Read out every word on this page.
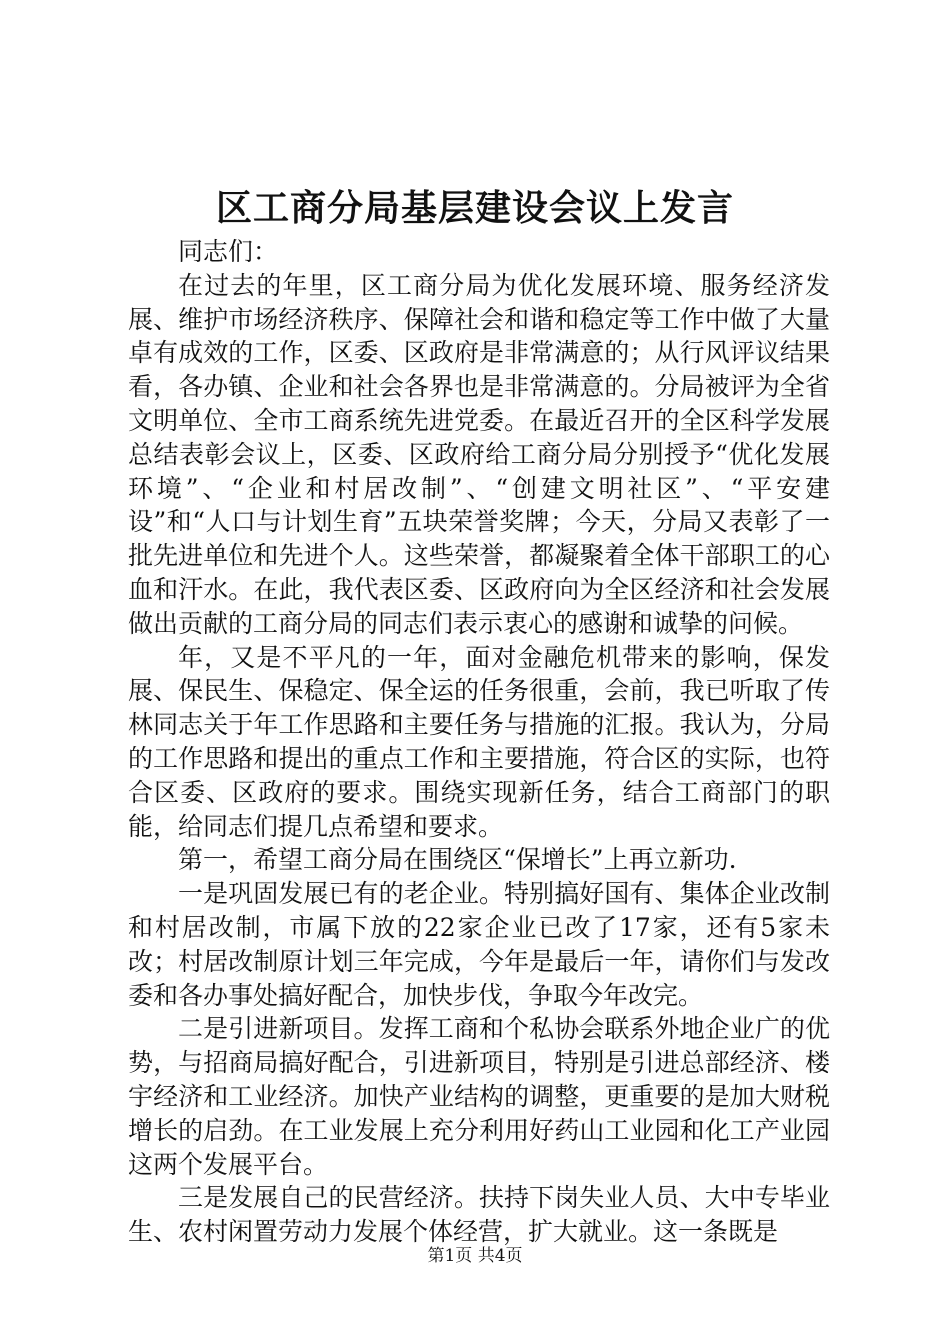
区工商分局基层建设会议上发言

同志们：

在过去的年里，区工商分局为优化发展环境、服务经济发展、维护市场经济秩序、保障社会和谐和稳定等工作中做了大量卓有成效的工作，区委、区政府是非常满意的；从行风评议结果看，各办镇、企业和社会各界也是非常满意的。分局被评为全省文明单位、全市工商系统先进党委。在最近召开的全区科学发展总结表彰会议上，区委、区政府给工商分局分别授予“优化发展环境”、“企业和村居改制”、“创建文明社区”、“平安建设”和“人口与计划生育”五块荣誉奖牌；今天，分局又表彰了一批先进单位和先进个人。这些荣誉，都凝聚着全体干部职工的心血和汗水。在此，我代表区委、区政府向为全区经济和社会发展做出贡献的工商分局的同志们表示衷心的感谢和诚挚的问候。

年，又是不平凡的一年，面对金融危机带来的影响，保发展、保民生、保稳定、保全运的任务很重，会前，我已听取了传林同志关于年工作思路和主要任务与措施的汇报。我认为，分局的工作思路和提出的重点工作和主要措施，符合区的实际，也符合区委、区政府的要求。围绕实现新任务，结合工商部门的职能，给同志们提几点希望和要求。

第一，希望工商分局在围绕区“保增长”上再立新功.

一是巩固发展已有的老企业。特别搞好国有、集体企业改制和村居改制，市属下放的22家企业已改了17家，还有5家未改；村居改制原计划三年完成，今年是最后一年，请你们与发改委和各办事处搞好配合，加快步伐，争取今年改完。

二是引进新项目。发挥工商和个私协会联系外地企业广的优势，与招商局搞好配合，引进新项目，特别是引进总部经济、楼宇经济和工业经济。加快产业结构的调整，更重要的是加大财税增长的启劲。在工业发展上充分利用好药山工业园和化工产业园这两个发展平台。

三是发展自己的民营经济。扶持下岗失业人员、大中专毕业生、农村闲置劳动力发展个体经营，扩大就业。这一条既是

第1页 共4页
